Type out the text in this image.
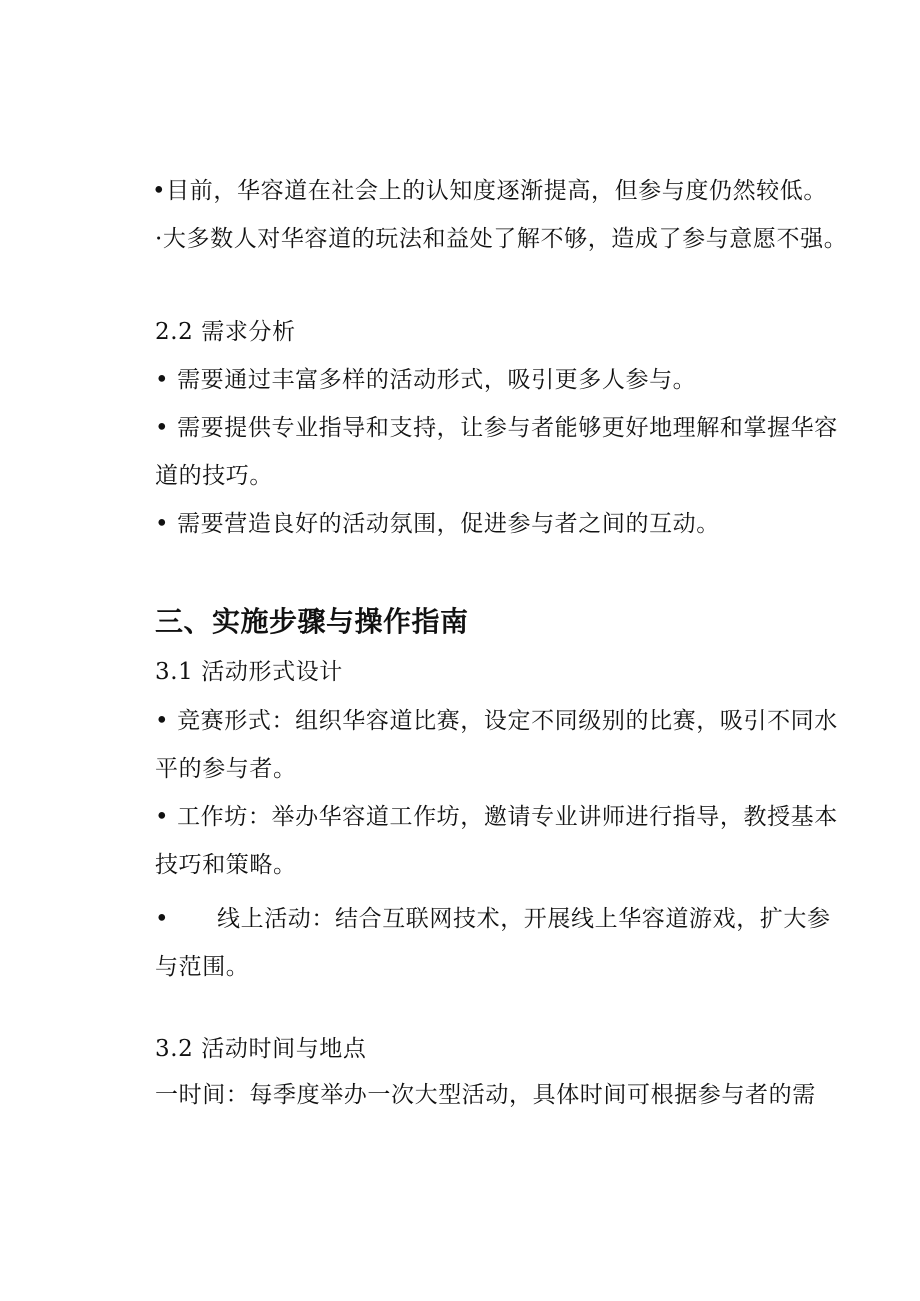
•目前，华容道在社会上的认知度逐渐提高，但参与度仍然较低。
·大多数人对华容道的玩法和益处了解不够，造成了参与意愿不强。
2.2 需求分析
• 需要通过丰富多样的活动形式，吸引更多人参与。
• 需要提供专业指导和支持，让参与者能够更好地理解和掌握华容
道的技巧。
• 需要营造良好的活动氛围，促进参与者之间的互动。
三、实施步骤与操作指南
3.1 活动形式设计
• 竞赛形式：组织华容道比赛，设定不同级别的比赛，吸引不同水
平的参与者。
• 工作坊：举办华容道工作坊，邀请专业讲师进行指导，教授基本
技巧和策略。
• 线上活动：结合互联网技术，开展线上华容道游戏，扩大参
与范围。
3.2 活动时间与地点
一时间：每季度举办一次大型活动，具体时间可根据参与者的需
